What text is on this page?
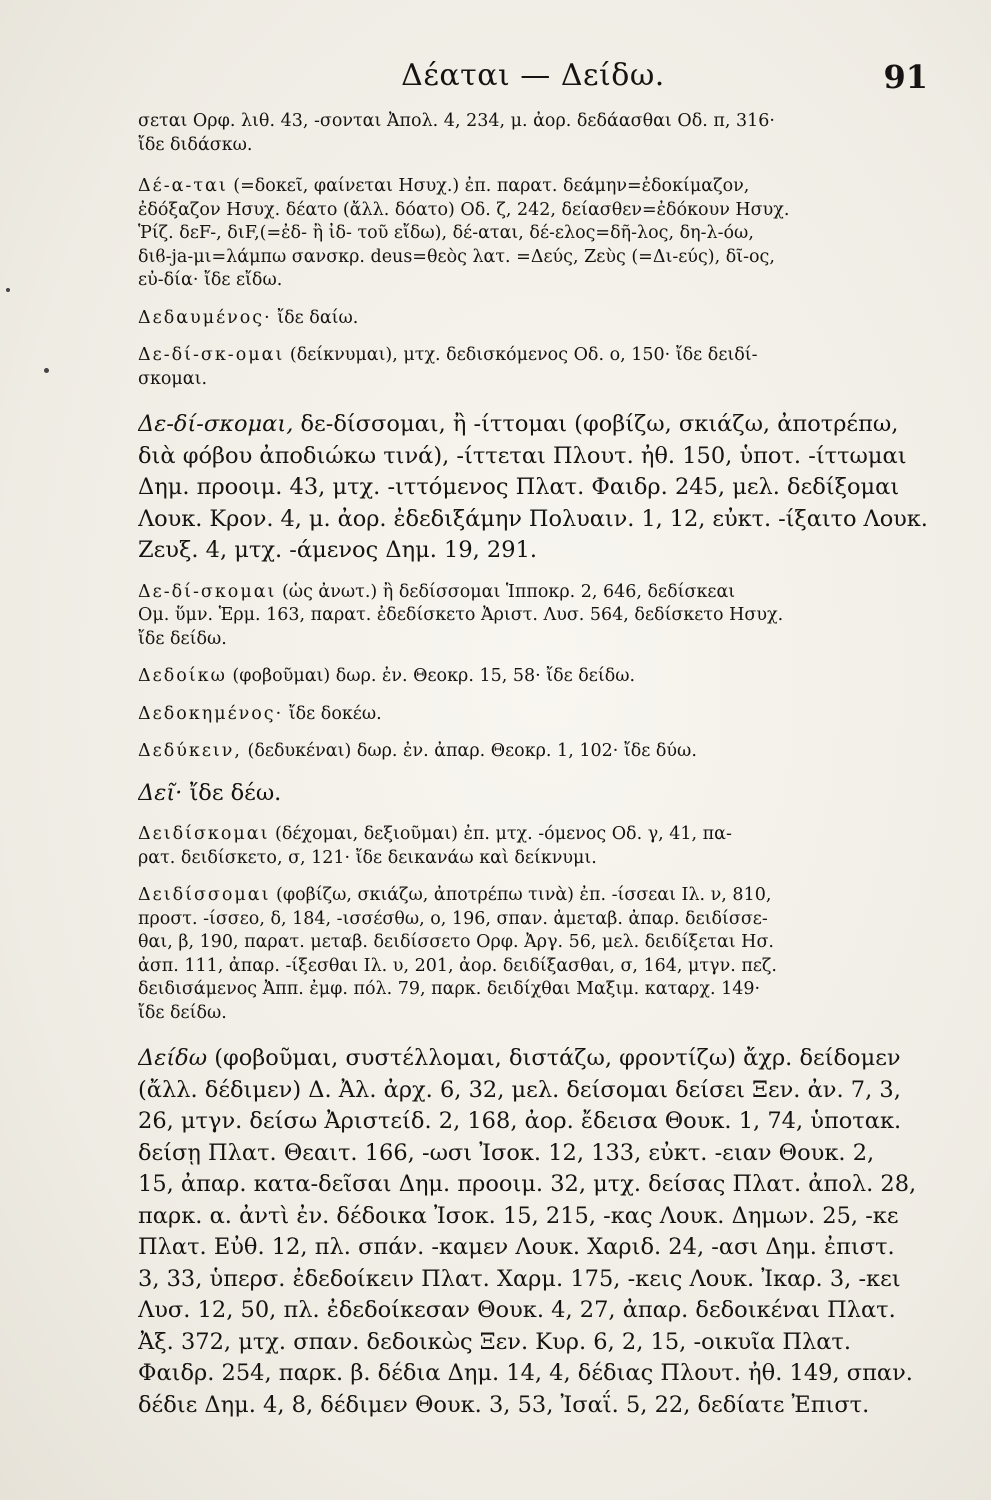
Δέαται — Δείδω.	91
σεται Ορφ. λιθ. 43, -σονται Ἀπολ. 4, 234, μ. ἀορ. δεδάασθαι Οδ. π, 316·
ἴδε διδάσκω.
Δέ-α-ται (=δοκεῖ, φαίνεται Ησυχ.) ἐπ. παρατ. δεάμην=ἐδοκίμαζον,
ἐδόξαζον Ησυχ. δέατο (ἄλλ. δόατο) Οδ. ζ, 242, δείασθεν=ἐδόκουν Ησυχ.
Ῥίζ. δεF-, διF,(=ἐδ- ἢ ἰδ- τοῦ εἴδω), δέ-αται, δέ-ελος=δῆ-λος, δη-λ-όω,
διϐ-ja-μι=λάμπω σανσκρ. deus=θεὸς λατ. =Δεύς, Ζεὺς (=Δι-εύς), δῖ-ος,
εὐ-δία· ἴδε εἴδω.
Δεδαυμένος· ἴδε δαίω.
Δε-δί-σκ-ομαι (δείκνυμαι), μτχ. δεδισκόμενος Οδ. ο, 150· ἴδε δειδί-
σκομαι.
Δε-δί-σκομαι, δε-δίσσομαι, ἢ -ίττομαι (φοβίζω, σκιάζω, ἀποτρέπω,
διὰ φόβου ἀποδιώκω τινά), -ίττεται Πλουτ. ἠθ. 150, ὑποτ. -ίττωμαι
Δημ. προοιμ. 43, μτχ. -ιττόμενος Πλατ. Φαιδρ. 245, μελ. δεδίξομαι
Λουκ. Κρον. 4, μ. ἀορ. ἐδεδιξάμην Πολυαιν. 1, 12, εὐκτ. -ίξαιτο Λουκ.
Ζευξ. 4, μτχ. -άμενος Δημ. 19, 291.
Δε-δί-σκομαι (ὡς ἀνωτ.) ἢ δεδίσσομαι Ἱπποκρ. 2, 646, δεδίσκεαι
Ομ. ὕμν. Ἑρμ. 163, παρατ. ἐδεδίσκετο Ἀριστ. Λυσ. 564, δεδίσκετο Ησυχ.
ἴδε δείδω.
Δεδοίκω (φοβοῦμαι) δωρ. ἐν. Θεοκρ. 15, 58· ἴδε δείδω.
Δεδοκημένος· ἴδε δοκέω.
Δεδύκειν, (δεδυκέναι) δωρ. ἐν. ἀπαρ. Θεοκρ. 1, 102· ἴδε δύω.
Δεῖ· ἴδε δέω.
Δειδίσκομαι (δέχομαι, δεξιοῦμαι) ἐπ. μτχ. -όμενος Οδ. γ, 41, πα-
ρατ. δειδίσκετο, σ, 121· ἴδε δεικανάω καὶ δείκνυμι.
Δειδίσσομαι (φοβίζω, σκιάζω, ἀποτρέπω τινὰ) ἐπ. -ίσσεαι Ιλ. ν, 810,
προστ. -ίσσεο, δ, 184, -ισσέσθω, ο, 196, σπαν. ἀμεταβ. ἀπαρ. δειδίσσε-
θαι, β, 190, παρατ. μεταβ. δειδίσσετο Ορφ. Ἀργ. 56, μελ. δειδίξεται Ησ.
ἀσπ. 111, ἀπαρ. -ίξεσθαι Ιλ. υ, 201, ἀορ. δειδίξασθαι, σ, 164, μτγν. πεζ.
δειδισάμενος Ἀππ. ἐμφ. πόλ. 79, παρκ. δειδίχθαι Μαξιμ. καταρχ. 149·
ἴδε δείδω.
Δείδω (φοβοῦμαι, συστέλλομαι, διστάζω, φροντίζω) ἄχρ. δείδομεν
(ἄλλ. δέδιμεν) Δ. Ἀλ. ἀρχ. 6, 32, μελ. δείσομαι δείσει Ξεν. ἀν. 7, 3,
26, μτγν. δείσω Ἀριστείδ. 2, 168, ἀορ. ἔδεισα Θουκ. 1, 74, ὑποτακ.
δείσῃ Πλατ. Θεαιτ. 166, -ωσι Ἰσοκ. 12, 133, εὐκτ. -ειαν Θουκ. 2,
15, ἀπαρ. κατα-δεῖσαι Δημ. προοιμ. 32, μτχ. δείσας Πλατ. ἀπολ. 28,
παρκ. α. ἀντὶ ἐν. δέδοικα Ἰσοκ. 15, 215, -κας Λουκ. Δημων. 25, -κε
Πλατ. Εὐθ. 12, πλ. σπάν. -καμεν Λουκ. Χαριδ. 24, -ασι Δημ. ἐπιστ.
3, 33, ὑπερσ. ἐδεδοίκειν Πλατ. Χαρμ. 175, -κεις Λουκ. Ἰκαρ. 3, -κει
Λυσ. 12, 50, πλ. ἐδεδοίκεσαν Θουκ. 4, 27, ἀπαρ. δεδοικέναι Πλατ.
Ἀξ. 372, μτχ. σπαν. δεδοικὼς Ξεν. Κυρ. 6, 2, 15, -οικυῖα Πλατ.
Φαιδρ. 254, παρκ. β. δέδια Δημ. 14, 4, δέδιας Πλουτ. ἠθ. 149, σπαν.
δέδιε Δημ. 4, 8, δέδιμεν Θουκ. 3, 53, Ἰσαΐ. 5, 22, δεδίατε Ἐπιστ.
